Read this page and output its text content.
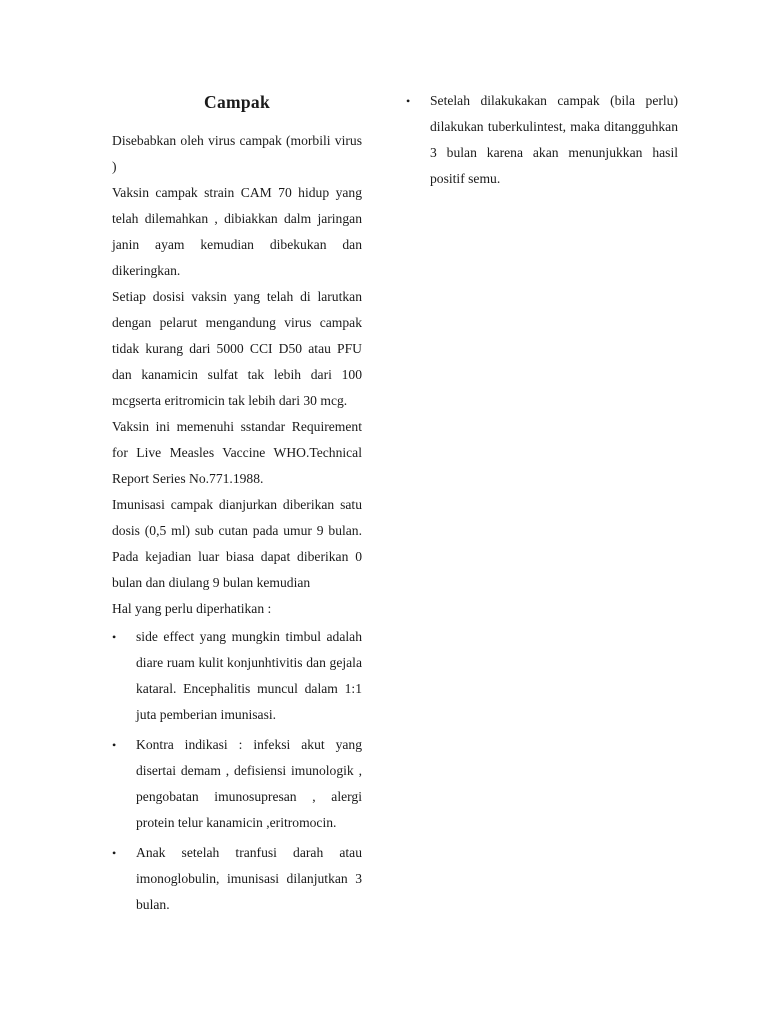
Campak

Disebabkan oleh virus campak (morbili virus )

Vaksin campak strain CAM 70 hidup yang telah dilemahkan , dibiakkan dalm jaringan janin ayam kemudian dibekukan dan dikeringkan.

Setiap dosisi vaksin yang telah di larutkan dengan pelarut mengandung virus campak tidak kurang dari 5000 CCI D50 atau PFU dan kanamicin sulfat tak lebih dari 100 mcgserta eritromicin tak lebih dari 30 mcg.

Vaksin ini memenuhi sstandar Requirement for Live Measles Vaccine WHO.Technical Report Series No.771.1988.

Imunisasi campak dianjurkan diberikan satu dosis (0,5 ml) sub cutan pada umur 9 bulan. Pada kejadian luar biasa dapat diberikan 0 bulan dan diulang 9 bulan kemudian

Hal yang perlu diperhatikan :

• side effect yang mungkin timbul adalah diare ruam kulit konjunhtivitis dan gejala kataral. Encephalitis muncul dalam 1:1 juta pemberian imunisasi.
• Kontra indikasi : infeksi akut yang disertai demam , defisiensi imunologik , pengobatan imunosupresan , alergi protein telur kanamicin ,eritromocin.
• Anak setelah tranfusi darah atau imonoglobulin, imunisasi dilanjutkan 3 bulan.
• Setelah dilakukakan campak (bila perlu) dilakukan tuberkulintest, maka ditangguhkan 3 bulan karena akan menunjukkan hasil positif semu.
